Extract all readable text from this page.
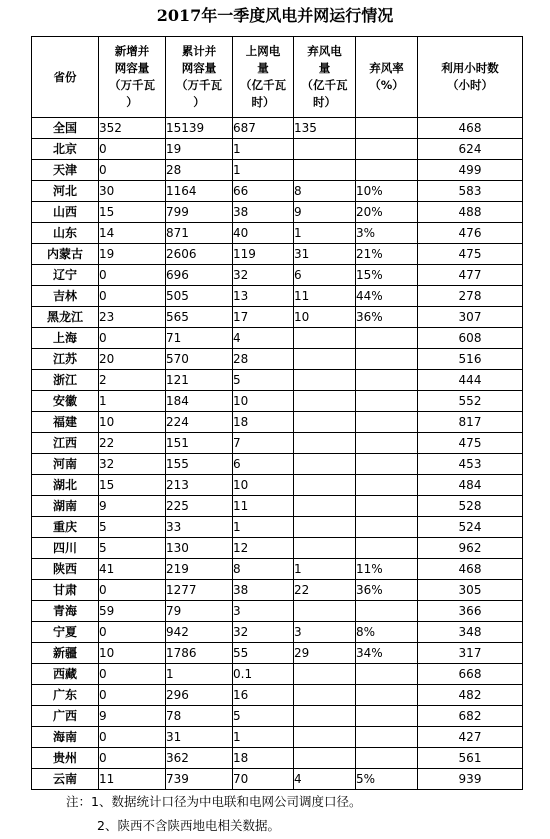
2017年一季度风电并网运行情况
省份	新增并
网容量
（万千瓦
）	累计并
网容量
（万千瓦
）	上网电
量
（亿千瓦
时）	弃风电
量
（亿千瓦
时）	弃风率
（%）	利用小时数
（小时）
全国	352	15139	687	135		468
北京	0	19	1			624
天津	0	28	1			499
河北	30	1164	66	8	10%	583
山西	15	799	38	9	20%	488
山东	14	871	40	1	3%	476
内蒙古	19	2606	119	31	21%	475
辽宁	0	696	32	6	15%	477
吉林	0	505	13	11	44%	278
黑龙江	23	565	17	10	36%	307
上海	0	71	4			608
江苏	20	570	28			516
浙江	2	121	5			444
安徽	1	184	10			552
福建	10	224	18			817
江西	22	151	7			475
河南	32	155	6			453
湖北	15	213	10			484
湖南	9	225	11			528
重庆	5	33	1			524
四川	5	130	12			962
陕西	41	219	8	1	11%	468
甘肃	0	1277	38	22	36%	305
青海	59	79	3			366
宁夏	0	942	32	3	8%	348
新疆	10	1786	55	29	34%	317
西藏	0	1	0.1			668
广东	0	296	16			482
广西	9	78	5			682
海南	0	31	1			427
贵州	0	362	18			561
云南	11	739	70	4	5%	939
注：1、数据统计口径为中电联和电网公司调度口径。
2、陕西不含陕西地电相关数据。
